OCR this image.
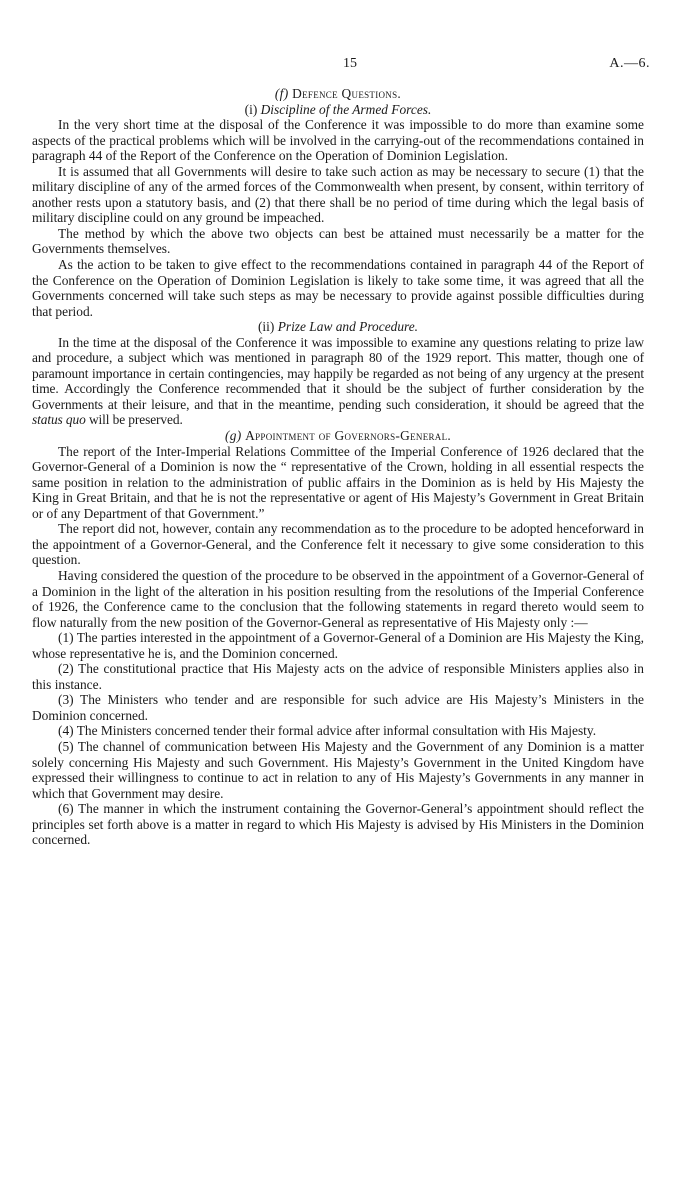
15	A.—6.
(f) Defence Questions.
(i) Discipline of the Armed Forces.

In the very short time at the disposal of the Conference it was impossible to do more than examine some aspects of the practical problems which will be involved in the carrying-out of the recommendations contained in paragraph 44 of the Report of the Conference on the Operation of Dominion Legislation.

It is assumed that all Governments will desire to take such action as may be necessary to secure (1) that the military discipline of any of the armed forces of the Commonwealth when present, by consent, within territory of another rests upon a statutory basis, and (2) that there shall be no period of time during which the legal basis of military discipline could on any ground be impeached.

The method by which the above two objects can best be attained must necessarily be a matter for the Governments themselves.

As the action to be taken to give effect to the recommendations contained in paragraph 44 of the Report of the Conference on the Operation of Dominion Legislation is likely to take some time, it was agreed that all the Governments concerned will take such steps as may be necessary to provide against possible difficulties during that period.

(ii) Prize Law and Procedure.

In the time at the disposal of the Conference it was impossible to examine any questions relating to prize law and procedure, a subject which was mentioned in paragraph 80 of the 1929 report. This matter, though one of paramount importance in certain contingencies, may happily be regarded as not being of any urgency at the present time. Accordingly the Conference recommended that it should be the subject of further consideration by the Governments at their leisure, and that in the meantime, pending such consideration, it should be agreed that the status quo will be preserved.

(g) Appointment of Governors-General.

The report of the Inter-Imperial Relations Committee of the Imperial Conference of 1926 declared that the Governor-General of a Dominion is now the “ representative of the Crown, holding in all essential respects the same position in relation to the administration of public affairs in the Dominion as is held by His Majesty the King in Great Britain, and that he is not the representative or agent of His Majesty’s Government in Great Britain or of any Department of that Government.”

The report did not, however, contain any recommendation as to the procedure to be adopted henceforward in the appointment of a Governor-General, and the Conference felt it necessary to give some consideration to this question.

Having considered the question of the procedure to be observed in the appointment of a Governor-General of a Dominion in the light of the alteration in his position resulting from the resolutions of the Imperial Conference of 1926, the Conference came to the conclusion that the following statements in regard thereto would seem to flow naturally from the new position of the Governor-General as representative of His Majesty only :—

(1) The parties interested in the appointment of a Governor-General of a Dominion are His Majesty the King, whose representative he is, and the Dominion concerned.

(2) The constitutional practice that His Majesty acts on the advice of responsible Ministers applies also in this instance.

(3) The Ministers who tender and are responsible for such advice are His Majesty’s Ministers in the Dominion concerned.

(4) The Ministers concerned tender their formal advice after informal consultation with His Majesty.

(5) The channel of communication between His Majesty and the Government of any Dominion is a matter solely concerning His Majesty and such Government. His Majesty’s Government in the United Kingdom have expressed their willingness to continue to act in relation to any of His Majesty’s Governments in any manner in which that Government may desire.

(6) The manner in which the instrument containing the Governor-General’s appointment should reflect the principles set forth above is a matter in regard to which His Majesty is advised by His Ministers in the Dominion concerned.
